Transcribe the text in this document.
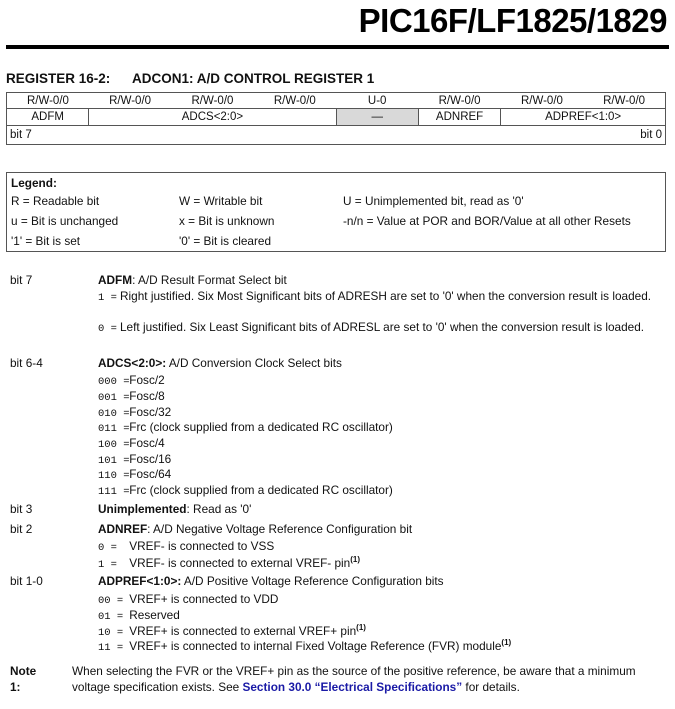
PIC16F/LF1825/1829
REGISTER 16-2: ADCON1: A/D CONTROL REGISTER 1
R/W-0/0	R/W-0/0	R/W-0/0	R/W-0/0	U-0	R/W-0/0	R/W-0/0	R/W-0/0
ADFM	ADCS<2:0>			—	ADNREF	ADPREF<1:0>	
bit 7 bit 0							
Legend:
R = Readable bit	W = Writable bit	U = Unimplemented bit, read as '0'
u = Bit is unchanged	x = Bit is unknown	-n/n = Value at POR and BOR/Value at all other Resets
'1' = Bit is set	'0' = Bit is cleared
bit 7	ADFM: A/D Result Format Select bit
1 = Right justified. Six Most Significant bits of ADRESH are set to '0' when the conversion result is loaded.
0 = Left justified. Six Least Significant bits of ADRESL are set to '0' when the conversion result is loaded.
bit 6-4	ADCS<2:0>: A/D Conversion Clock Select bits
000 = Fosc/2
001 = Fosc/8
010 = Fosc/32
011 = Frc (clock supplied from a dedicated RC oscillator)
100 = Fosc/4
101 = Fosc/16
110 = Fosc/64
111 = Frc (clock supplied from a dedicated RC oscillator)
bit 3	Unimplemented: Read as '0'
bit 2	ADNREF: A/D Negative Voltage Reference Configuration bit
0 = VREF- is connected to VSS
1 = VREF- is connected to external VREF- pin$^{(1)}$
bit 1-0	ADPREF<1:0>: A/D Positive Voltage Reference Configuration bits
00 = VREF+ is connected to VDD
01 = Reserved
10 = VREF+ is connected to external VREF+ pin$^{(1)}$
11 = VREF+ is connected to internal Fixed Voltage Reference (FVR) module$^{(1)}$
Note 1:
When selecting the FVR or the VREF+ pin as the source of the positive reference, be aware that a minimum voltage specification exists. See Section 30.0 “Electrical Specifications” for details.
